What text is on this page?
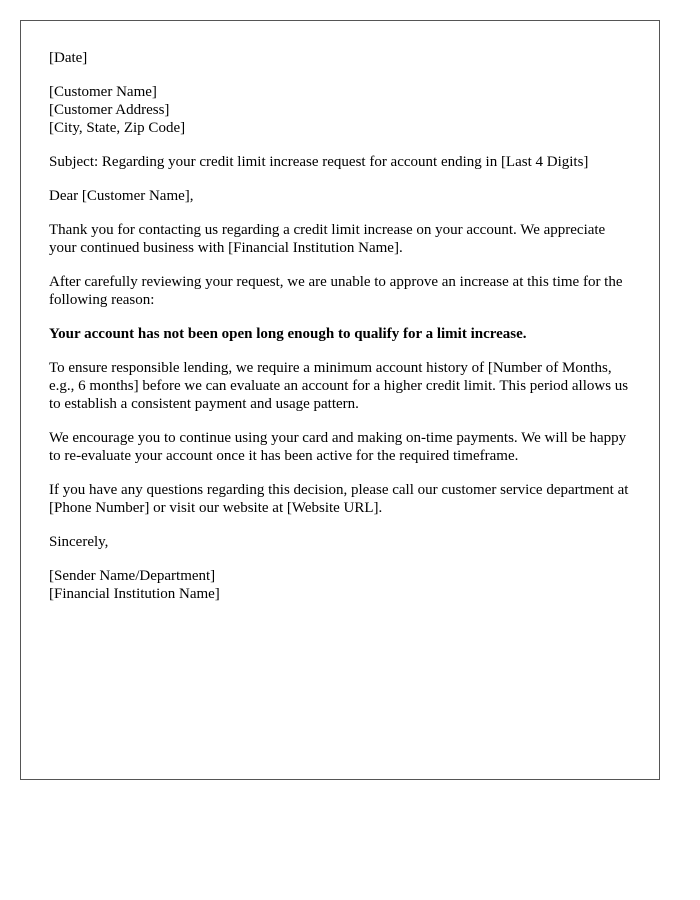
[Date]

[Customer Name]
[Customer Address]
[City, State, Zip Code]

Subject: Regarding your credit limit increase request for account ending in [Last 4 Digits]

Dear [Customer Name],

Thank you for contacting us regarding a credit limit increase on your account. We appreciate your continued business with [Financial Institution Name].

After carefully reviewing your request, we are unable to approve an increase at this time for the following reason:

Your account has not been open long enough to qualify for a limit increase.

To ensure responsible lending, we require a minimum account history of [Number of Months, e.g., 6 months] before we can evaluate an account for a higher credit limit. This period allows us to establish a consistent payment and usage pattern.

We encourage you to continue using your card and making on-time payments. We will be happy to re-evaluate your account once it has been active for the required timeframe.

If you have any questions regarding this decision, please call our customer service department at [Phone Number] or visit our website at [Website URL].

Sincerely,

[Sender Name/Department]
[Financial Institution Name]
